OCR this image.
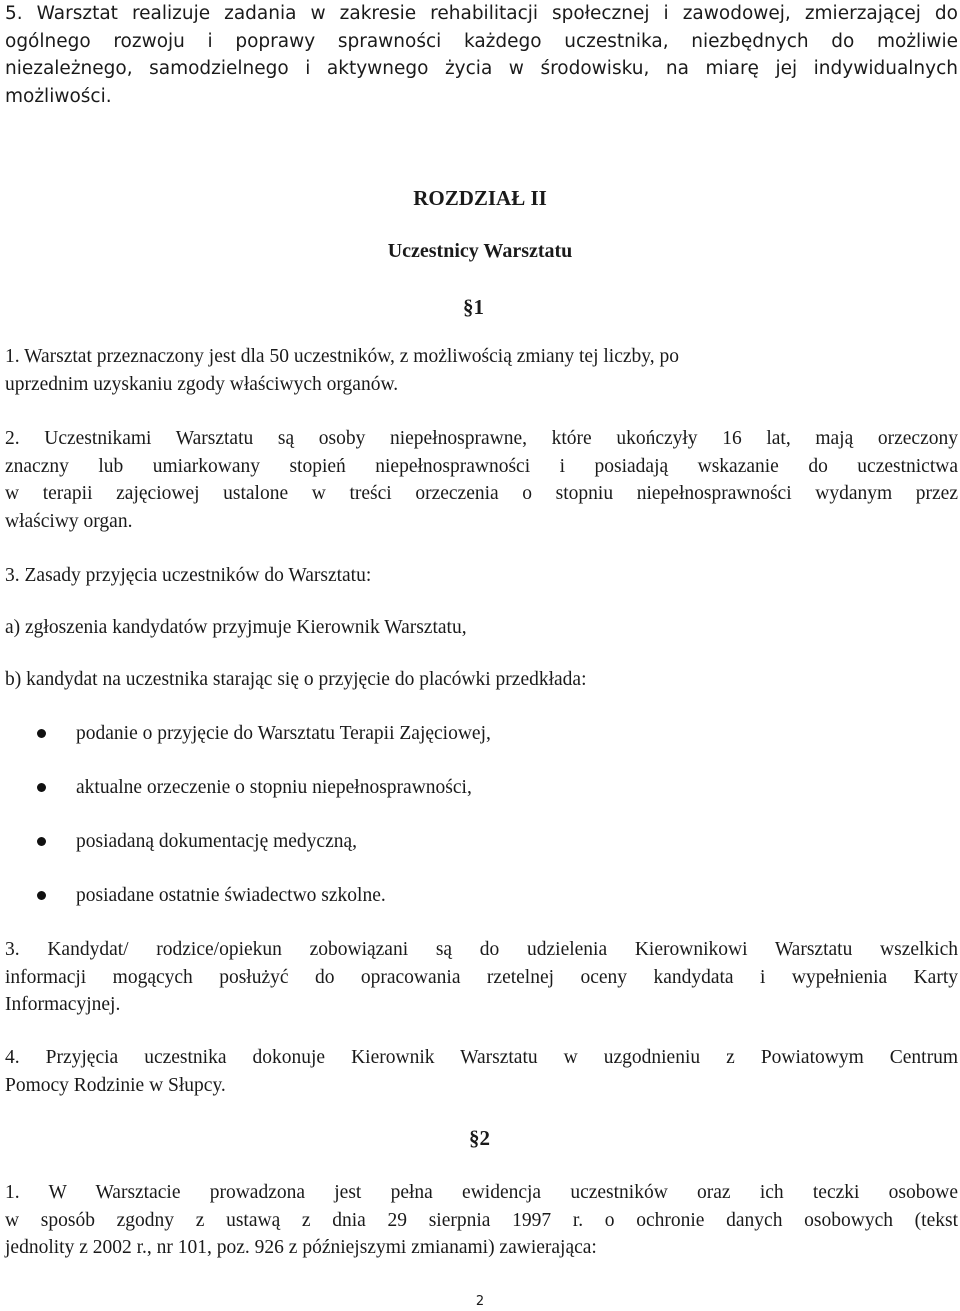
5. Warsztat realizuje zadania w zakresie rehabilitacji społecznej i zawodowej, zmierzającej do
ogólnego rozwoju i poprawy sprawności każdego uczestnika, niezbędnych do możliwie
niezależnego, samodzielnego i aktywnego życia w środowisku, na miarę jej indywidualnych
możliwości.
ROZDZIAŁ II
Uczestnicy Warsztatu
§1
1. Warsztat przeznaczony jest dla 50 uczestników, z możliwością zmiany tej liczby, po
uprzednim uzyskaniu zgody właściwych organów.
2. Uczestnikami Warsztatu są osoby niepełnosprawne, które ukończyły 16 lat, mają orzeczony
znaczny lub umiarkowany stopień niepełnosprawności i posiadają wskazanie do uczestnictwa
w terapii zajęciowej ustalone w treści orzeczenia o stopniu niepełnosprawności wydanym przez
właściwy organ.
3. Zasady przyjęcia uczestników do Warsztatu:
a) zgłoszenia kandydatów przyjmuje Kierownik Warsztatu,
b) kandydat na uczestnika starając się o przyjęcie do placówki przedkłada:
podanie o przyjęcie do Warsztatu Terapii Zajęciowej,
aktualne orzeczenie o stopniu niepełnosprawności,
posiadaną dokumentację medyczną,
posiadane ostatnie świadectwo szkolne.
3. Kandydat/ rodzice/opiekun zobowiązani są do udzielenia Kierownikowi Warsztatu wszelkich
informacji mogących posłużyć do opracowania rzetelnej oceny kandydata i wypełnienia Karty
Informacyjnej.
4. Przyjęcia uczestnika dokonuje Kierownik Warsztatu w uzgodnieniu z Powiatowym Centrum
Pomocy Rodzinie w Słupcy.
§2
1. W Warsztacie prowadzona jest pełna ewidencja uczestników oraz ich teczki osobowe
w sposób zgodny z ustawą z dnia 29 sierpnia 1997 r. o ochronie danych osobowych (tekst
jednolity z 2002 r., nr 101, poz. 926 z późniejszymi zmianami) zawierająca:
2
